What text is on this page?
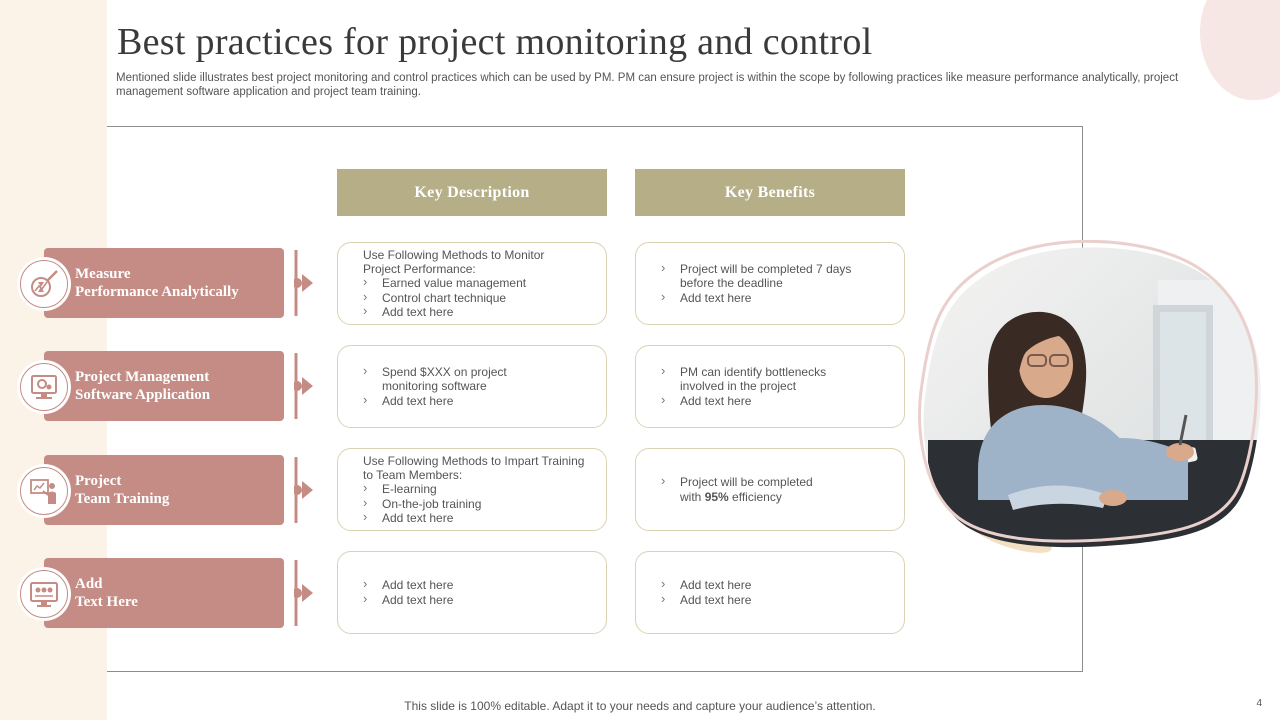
Best practices for project monitoring and control
Mentioned slide illustrates best project monitoring and control practices which can be used by PM. PM can ensure project is within the scope by following practices like measure performance analytically, project management software application and project team training.
Key Description	Key Benefits
Measure
Performance Analytically
Use Following Methods to Monitor
Project Performance:
› Earned value management
› Control chart technique
› Add text here
› Project will be completed 7 days
before the deadline
› Add text here
Project Management
Software Application
› Spend $XXX on project
monitoring software
› Add text here
› PM can identify bottlenecks
involved in the project
› Add text here
Project
Team Training
Use Following Methods to Impart Training
to Team Members:
› E-learning
› On-the-job training
› Add text here
› Project will be completed
with 95% efficiency
Add
Text Here
› Add text here
› Add text here
› Add text here
› Add text here
This slide is 100% editable. Adapt it to your needs and capture your audience’s attention.	4
